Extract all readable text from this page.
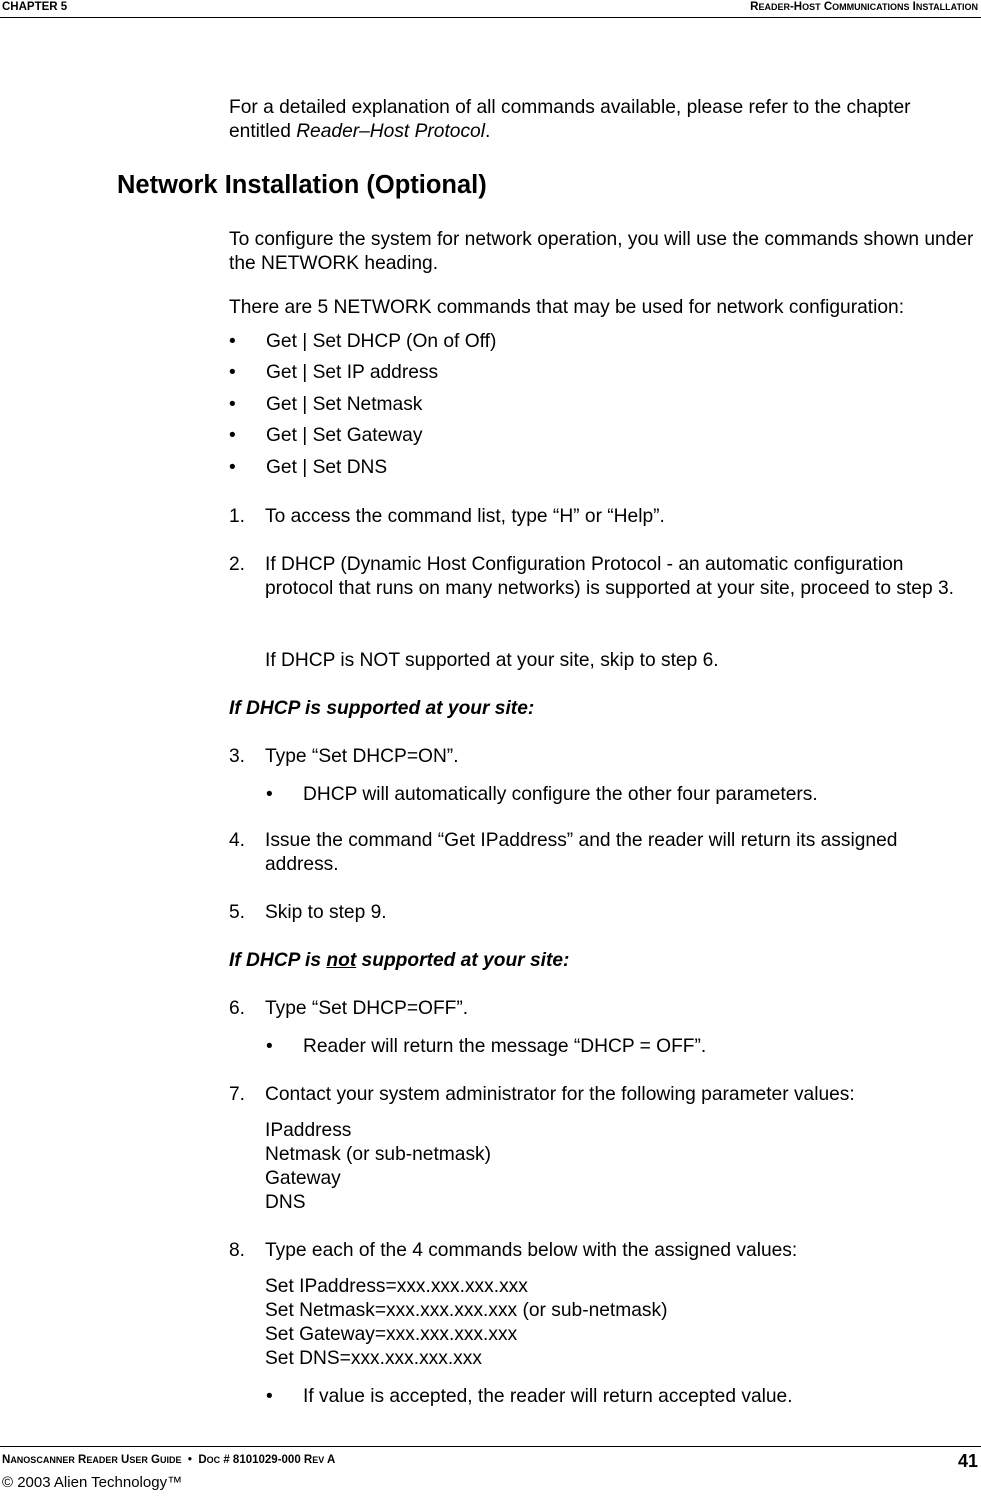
CHAPTER 5	READER-HOST COMMUNICATIONS INSTALLATION
For a detailed explanation of all commands available, please refer to the chapter
entitled Reader–Host Protocol.
Network Installation (Optional)
To configure the system for network operation, you will use the commands shown under the NETWORK heading.
There are 5 NETWORK commands that may be used for network configuration:
• Get | Set DHCP (On of Off)
• Get | Set IP address
• Get | Set Netmask
• Get | Set Gateway
• Get | Set DNS
1. To access the command list, type “H” or “Help”.
2. If DHCP (Dynamic Host Configuration Protocol - an automatic configuration protocol that runs on many networks) is supported at your site, proceed to step 3.
If DHCP is NOT supported at your site, skip to step 6.
If DHCP is supported at your site:
3. Type “Set DHCP=ON”.
• DHCP will automatically configure the other four parameters.
4. Issue the command “Get IPaddress” and the reader will return its assigned address.
5. Skip to step 9.
If DHCP is not supported at your site:
6. Type “Set DHCP=OFF”.
• Reader will return the message “DHCP = OFF”.
7. Contact your system administrator for the following parameter values:
IPaddress
Netmask (or sub-netmask)
Gateway
DNS
8. Type each of the 4 commands below with the assigned values:
Set IPaddress=xxx.xxx.xxx.xxx
Set Netmask=xxx.xxx.xxx.xxx (or sub-netmask)
Set Gateway=xxx.xxx.xxx.xxx
Set DNS=xxx.xxx.xxx.xxx
• If value is accepted, the reader will return accepted value.
NANOSCANNER READER USER GUIDE  •  DOC # 8101029-000 REV A
© 2003 Alien Technology™
41
